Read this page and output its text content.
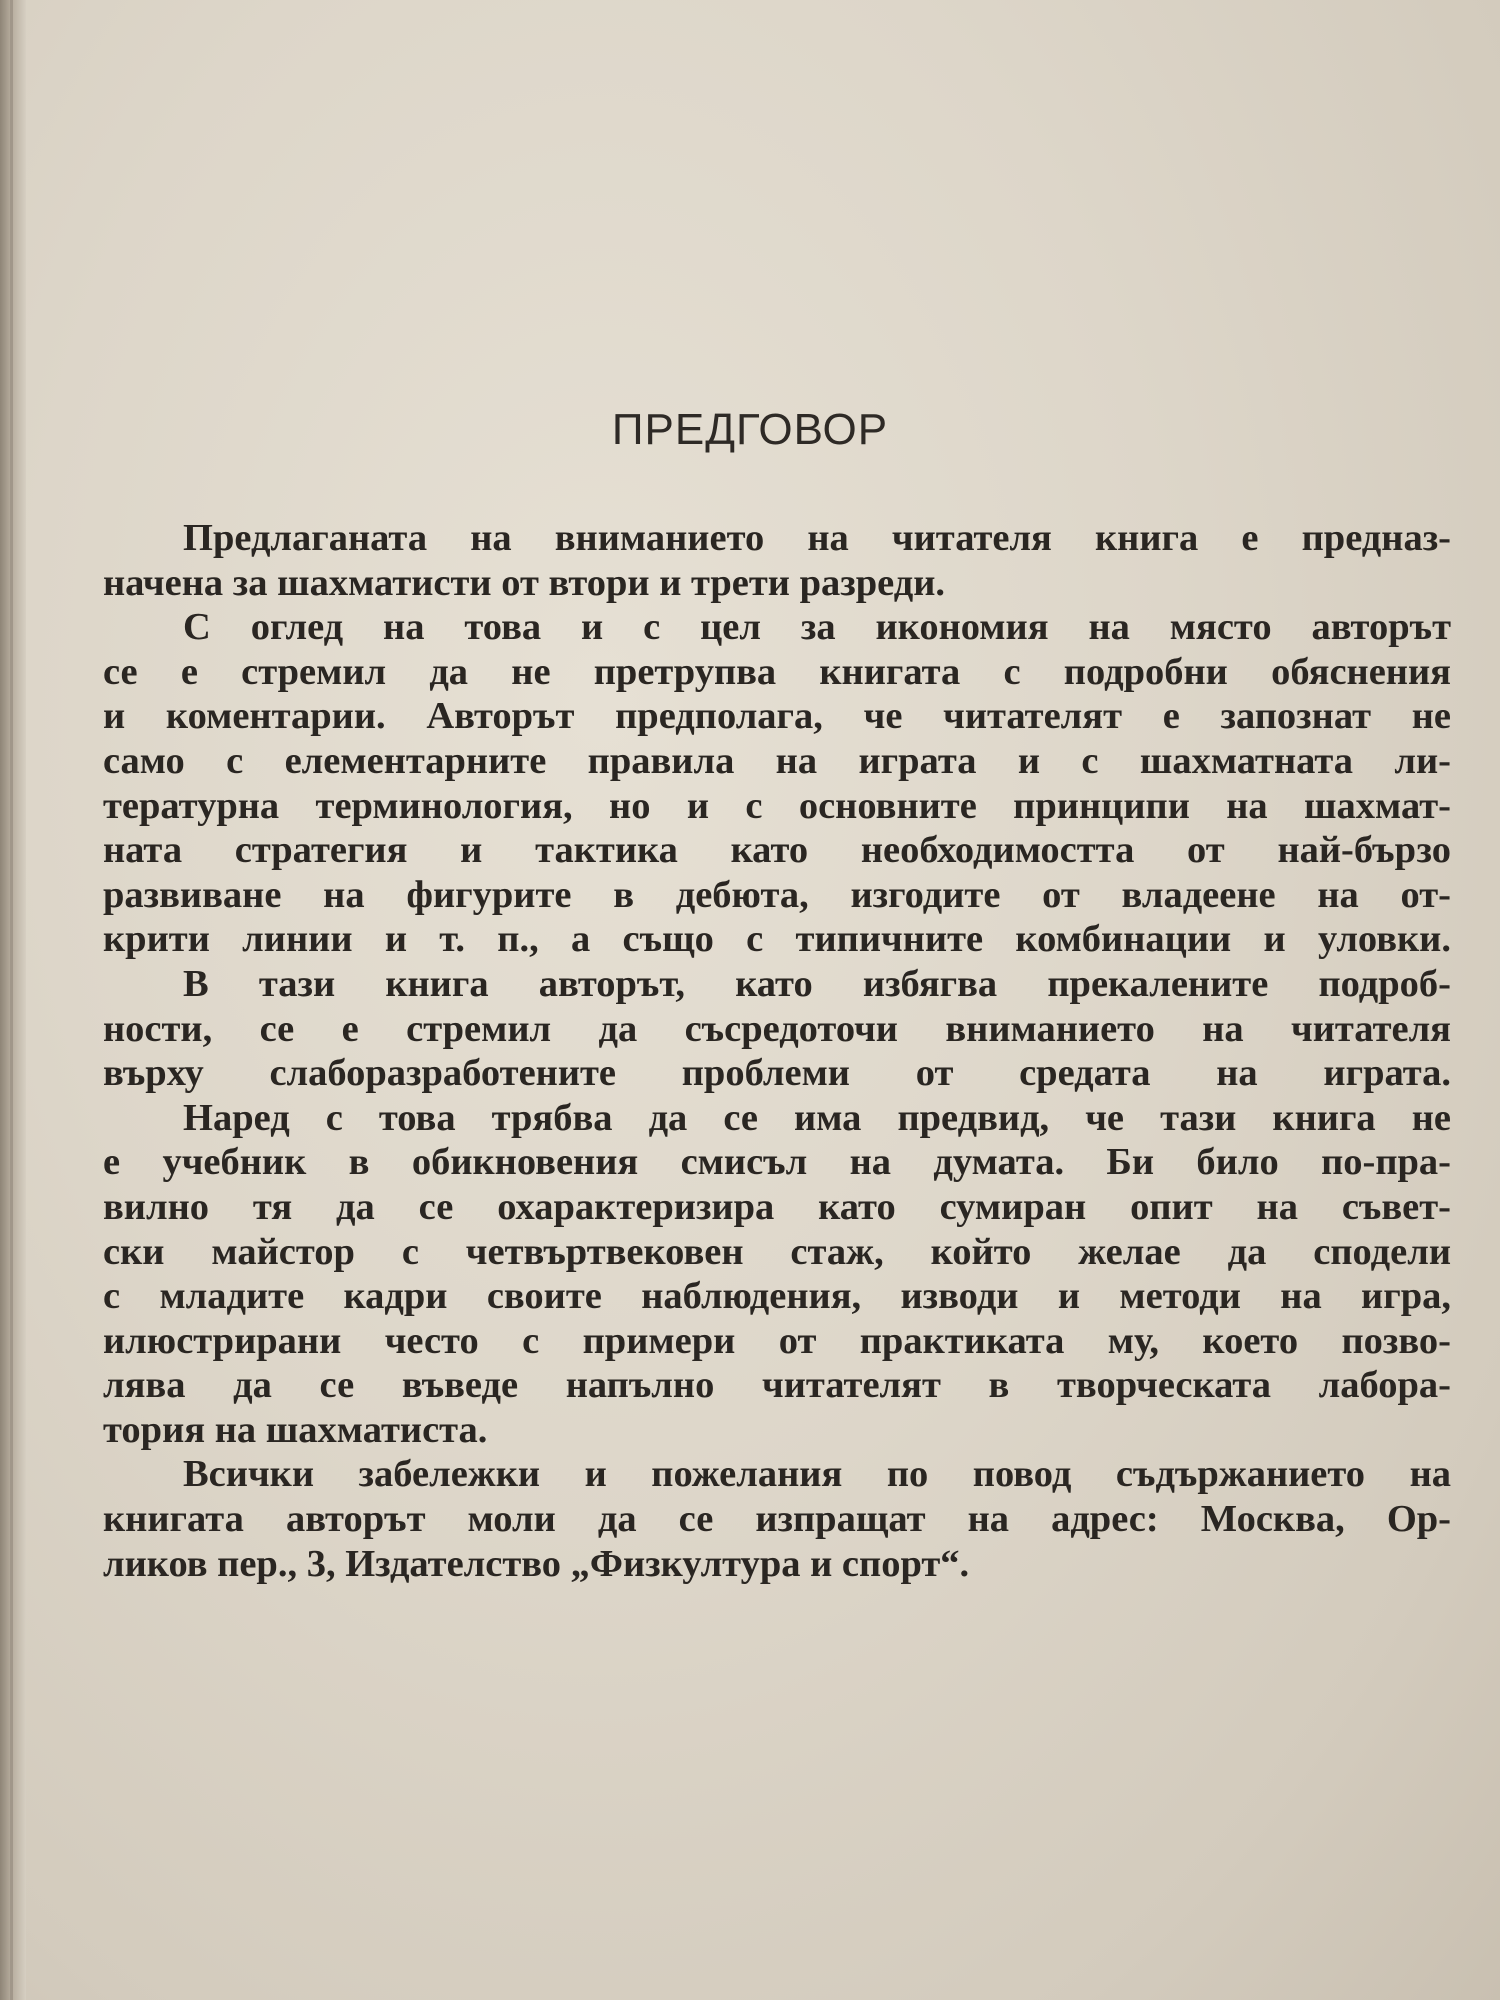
ПРЕДГОВОР
Предлаганата на вниманието на читателя книга е предназ-
начена за шахматисти от втори и трети разреди.
С оглед на това и с цел за икономия на място авторът
се е стремил да не претрупва книгата с подробни обяснения
и коментарии. Авторът предполага, че читателят е запознат не
само с елементарните правила на играта и с шахматната ли-
тературна терминология, но и с основните принципи на шахмат-
ната стратегия и тактика като необходимостта от най-бързо
развиване на фигурите в дебюта, изгодите от владеене на от-
крити линии и т. п., а също с типичните комбинации и уловки.
В тази книга авторът, като избягва прекалените подроб-
ности, се е стремил да съсредоточи вниманието на читателя
върху слаборазработените проблеми от средата на играта.
Наред с това трябва да се има предвид, че тази книга не
е учебник в обикновения смисъл на думата. Би било по-пра-
вилно тя да се охарактеризира като сумиран опит на съвет-
ски майстор с четвъртвековен стаж, който желае да сподели
с младите кадри своите наблюдения, изводи и методи на игра,
илюстрирани често с примери от практиката му, което позво-
лява да се въведе напълно читателят в творческата лабора-
тория на шахматиста.
Всички забележки и пожелания по повод съдържанието на
книгата авторът моли да се изпращат на адрес: Москва, Ор-
ликов пер., 3, Издателство „Физкултура и спорт“.
